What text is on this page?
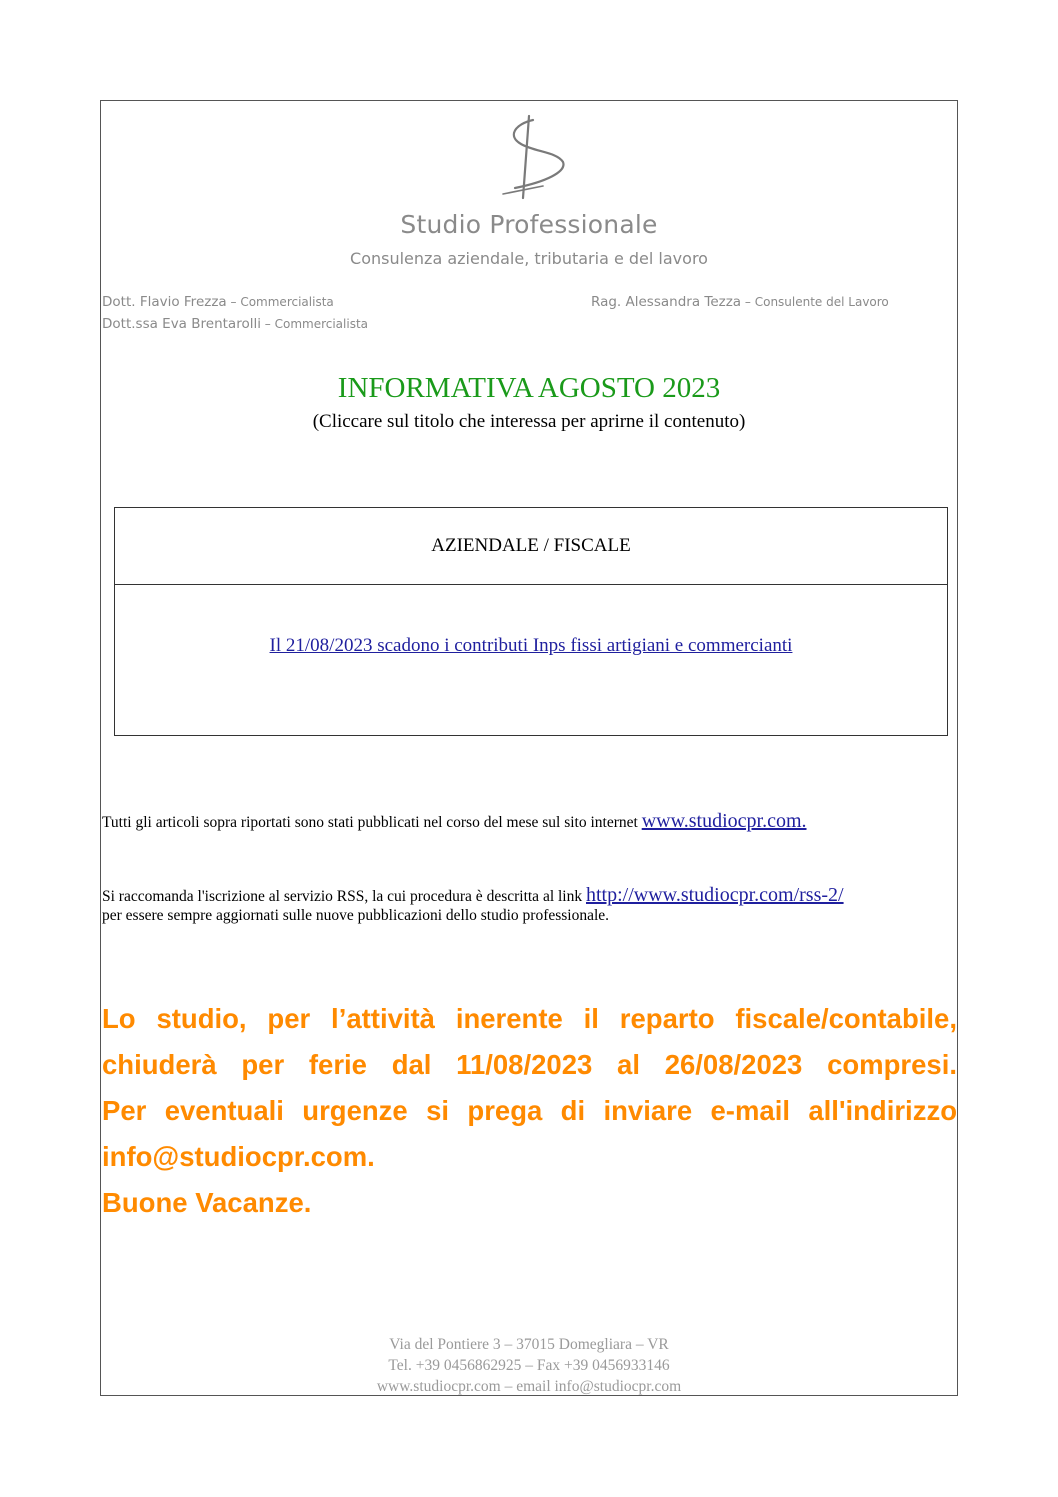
Studio Professionale
Consulenza aziendale, tributaria e del lavoro
Dott. Flavio Frezza – Commercialista
Dott.ssa Eva Brentarolli – Commercialista
Rag. Alessandra Tezza – Consulente del Lavoro
INFORMATIVA AGOSTO 2023
(Cliccare sul titolo che interessa per aprirne il contenuto)
AZIENDALE / FISCALE
Il 21/08/2023 scadono i contributi Inps fissi artigiani e commercianti
Tutti gli articoli sopra riportati sono stati pubblicati nel corso del mese sul sito internet www.studiocpr.com.
Si raccomanda l'iscrizione al servizio RSS, la cui procedura è descritta al link http://www.studiocpr.com/rss-2/
per essere sempre aggiornati sulle nuove pubblicazioni dello studio professionale.
Lo studio, per l’attività inerente il reparto fiscale/contabile,
chiuderà per ferie dal 11/08/2023 al 26/08/2023 compresi.
Per eventuali urgenze si prega di inviare e-mail all'indirizzo
info@studiocpr.com.
Buone Vacanze.
Via del Pontiere 3 – 37015 Domegliara – VR
Tel. +39 0456862925 – Fax +39 0456933146
www.studiocpr.com – email info@studiocpr.com
